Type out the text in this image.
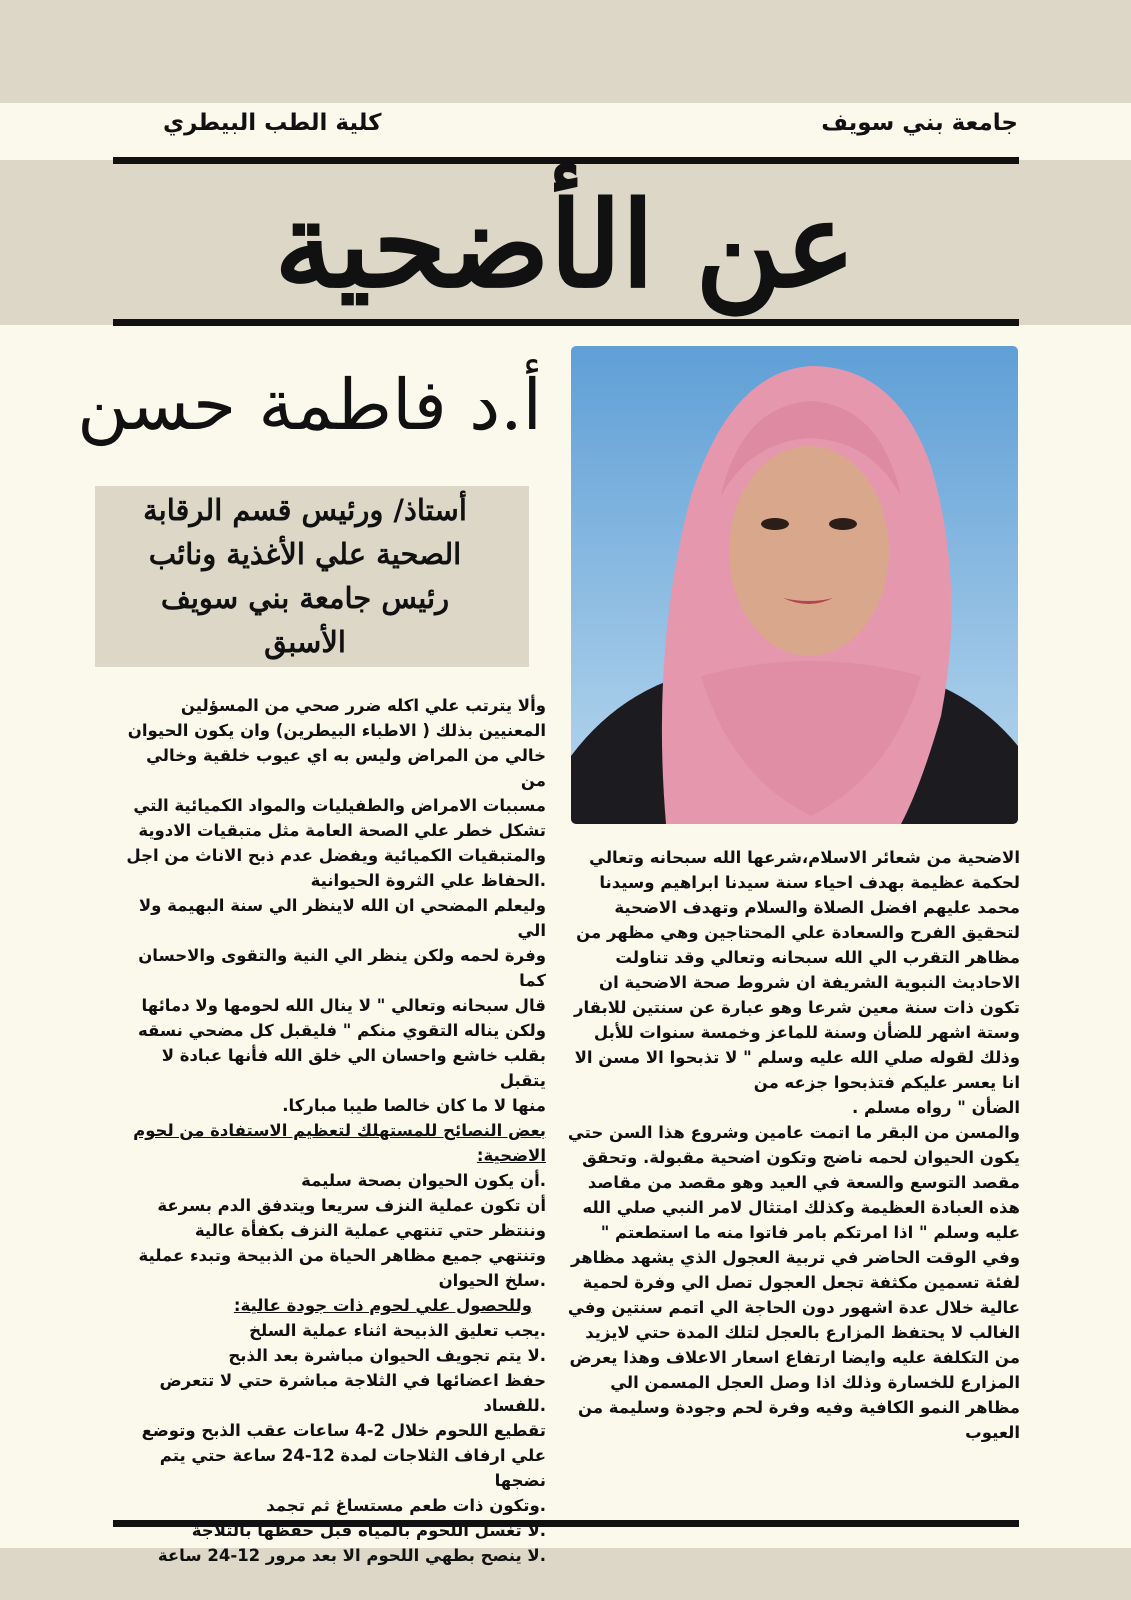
جامعة بني سويف
كلية الطب البيطري
عن الأضحية
أ.د فاطمة حسن
أستاذ/ ورئيس قسم الرقابة
الصحية علي الأغذية ونائب
رئيس جامعة بني سويف
الأسبق

وألا يترتب علي اكله ضرر صحي من المسؤلين

المعنيين بذلك ( الاطباء البيطرين) وان يكون الحيوان

خالي من المراض وليس به اي عيوب خلقية وخالي من

مسببات الامراض والطفيليات والمواد الكميائية التي

تشكل خطر علي الصحة العامة مثل متبقيات الادوية

والمتبقيات الكميائية ويفضل عدم ذبح الاناث من اجل

.الحفاظ علي الثروة الحيوانية

وليعلم المضحي ان الله لاينظر الي سنة البهيمة ولا الي

وفرة لحمه ولكن ينظر الي النية والتقوى والاحسان كما

قال سبحانه وتعالي " لا ينال الله لحومها ولا دمائها

ولكن يناله التقوي منكم " فليقبل كل مضحي نسقه

بقلب خاشع واحسان الي خلق الله فأنها عبادة لا يتقبل

منها لا ما كان خالصا طيبا مباركا.

بعض النصائح للمستهلك لتعظيم الاستفادة من لحوم

الاضحية:

.أن يكون الحيوان بصحة سليمة

أن تكون عملية النزف سريعا ويتدفق الدم بسرعة

وننتظر حتي تنتهي عملية النزف بكفأة عالية

وتنتهي جميع مظاهر الحياة من الذبيحة وتبدء عملية

.سلخ الحيوان

وللحصول علي لحوم ذات جودة عالية:

.يجب تعليق الذبيحة اثناء عملية السلخ

.لا يتم تجويف الحيوان مباشرة بعد الذبح

حفظ اعضائها في الثلاجة مباشرة حتي لا تتعرض

.للفساد

تقطيع اللحوم خلال 2-4 ساعات عقب الذبح وتوضع

علي ارفاف الثلاجات لمدة 12-24 ساعة حتي يتم نضجها

.وتكون ذات طعم مستساغ ثم تجمد

.لا تغسل اللحوم بالمياه قبل حفظها بالثلاجة

.لا ينصح بطهي اللحوم الا بعد مرور 12-24 ساعة

الاضحية من شعائر الاسلام،شرعها الله سبحانه وتعالي

لحكمة عظيمة بهدف احياء سنة سيدنا ابراهيم وسيدنا

محمد عليهم افضل الصلاة والسلام وتهدف الاضحية

لتحقيق الفرح والسعادة علي المحتاجين وهي مظهر من

مظاهر التقرب الي الله سبحانه وتعالي وقد تناولت

الاحاديث النبوية الشريفة ان شروط صحة الاضحية ان

تكون ذات سنة معين شرعا وهو عبارة عن سنتين للابقار

وستة اشهر للضأن وسنة للماعز وخمسة سنوات للأبل

وذلك لقوله صلي الله عليه وسلم " لا تذبحوا الا مسن الا

انا يعسر عليكم فتذبحوا جزعه من

الضأن " رواه مسلم .

والمسن من البقر ما اتمت عامين وشروع هذا السن حتي

يكون الحيوان لحمه ناضج وتكون اضحية مقبولة. وتحقق

مقصد التوسع والسعة في العيد وهو مقصد من مقاصد

هذه العبادة العظيمة وكذلك امتثال لامر النبي صلي الله

عليه وسلم " اذا امرتكم بامر فاتوا منه ما استطعتم "

وفي الوقت الحاضر في تربية العجول الذي يشهد مظاهر

لفئة تسمين مكثفة تجعل العجول تصل الي وفرة لحمية

عالية خلال عدة اشهور دون الحاجة الي اتمم سنتين وفي

الغالب لا يحتفظ المزارع بالعجل لتلك المدة حتي لايزيد

من التكلفة عليه وايضا ارتفاع اسعار الاعلاف وهذا يعرض

المزارع للخسارة وذلك اذا وصل العجل المسمن الي

مظاهر النمو الكافية وفيه وفرة لحم وجودة وسليمة من

العيوب
